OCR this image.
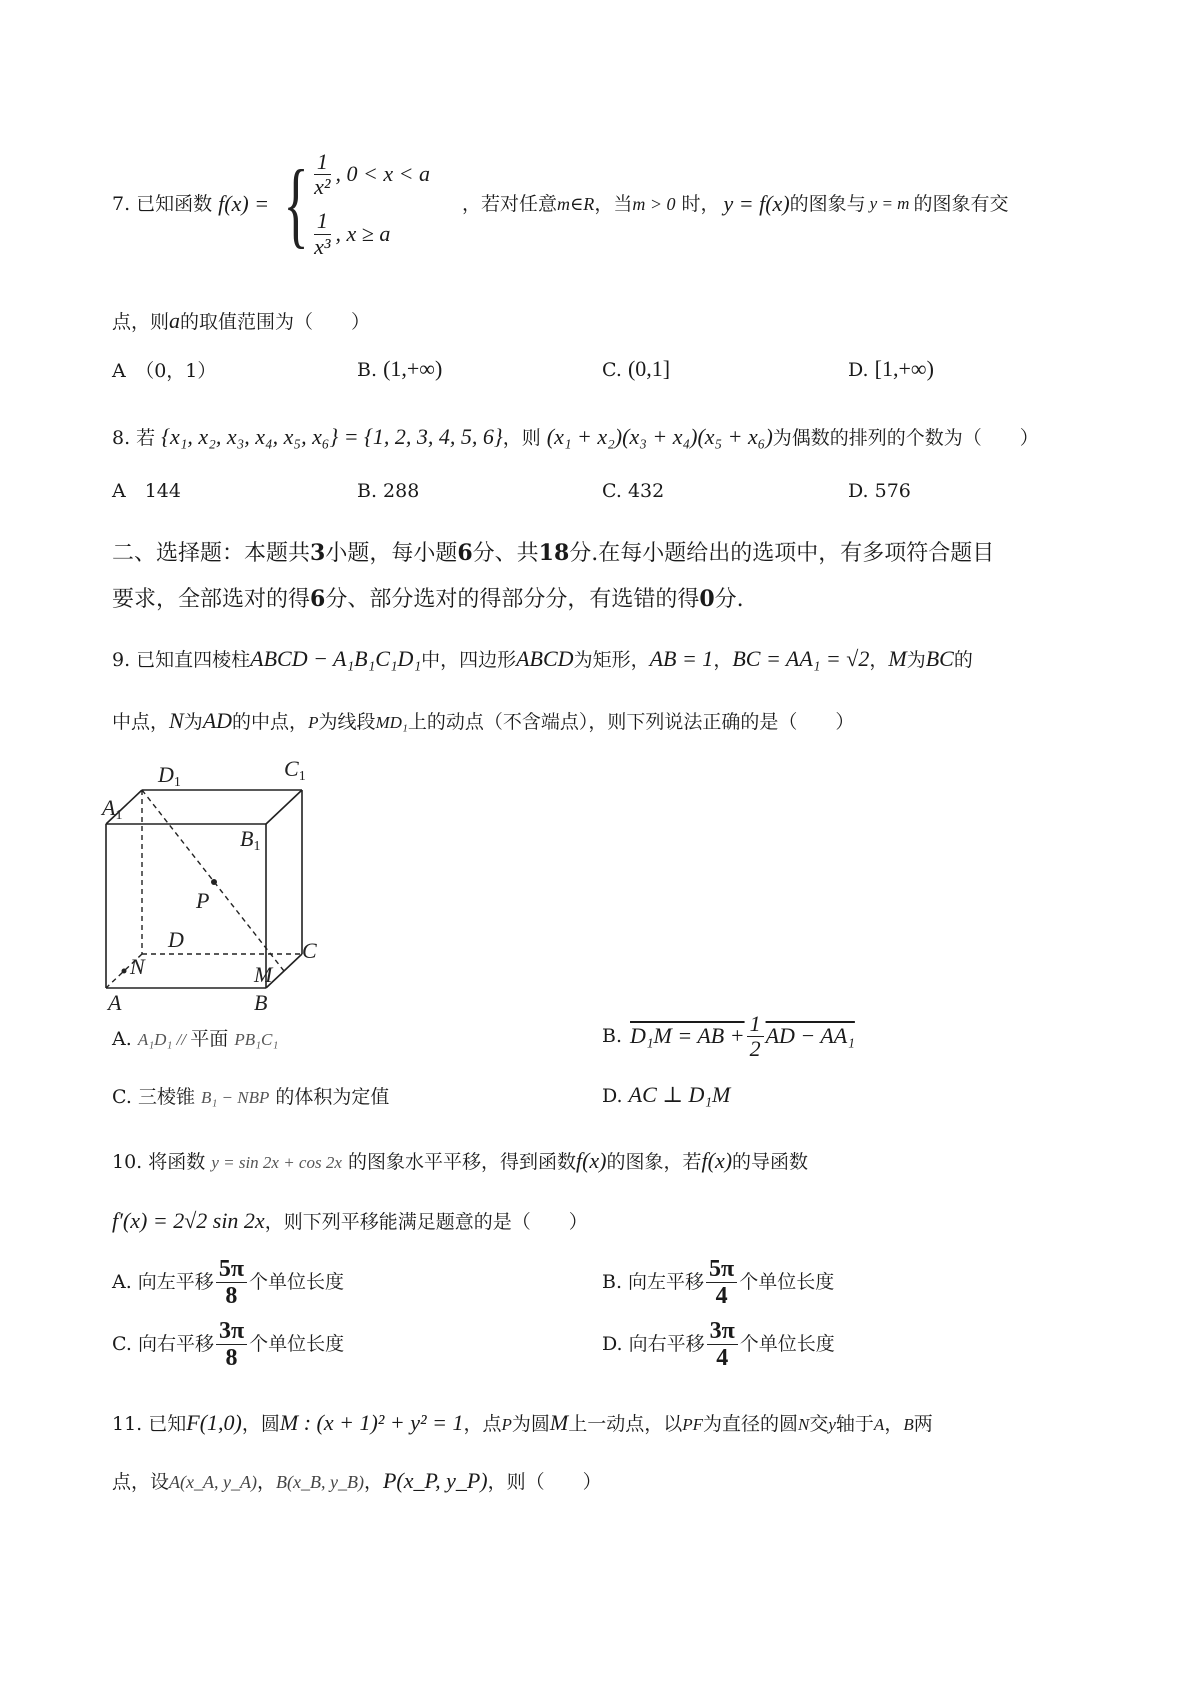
7. 已知函数 f(x) = { $\frac{1}{\text{x²}}$ , 0 < x < a
$\frac{1}{\text{x³}}$ , x ≥ a
，若对任意 m∈R ，当 m > 0 时， y = f(x) 的图象与 y = m 的图象有交
点，则a的取值范围为（　　）
A　（0，1）	B. (1,+∞)	C. (0,1]	D. [1,+∞)
8. 若 {x₁, x₂, x₃, x₄, x₅, x₆} = {1, 2, 3, 4, 5, 6}，则 (x₁ + x₂)(x₃ + x₄)(x₅ + x₆)为偶数的排列的个数为（　　）
A　144	B. 288	C. 432	D. 576
二、选择题：本题共3小题，每小题6分、共18分.在每小题给出的选项中，有多项符合题目
要求，全部选对的得6分、部分选对的得部分分，有选错的得0分.
9. 已知直四棱柱ABCD − A₁B₁C₁D₁中，四边形ABCD为矩形，AB = 1，BC = AA₁ = √2，M为BC的
中点，N为AD的中点，P为线段MD₁上的动点（不含端点），则下列说法正确的是（　　）
D1
C1
A1
B1
P
D	C
N	M
A	B
A. A₁D₁ // 平面 PB₁C₁	B. D₁M = AB + $\frac{1}{2}$ AD − AA₁
C. 三棱锥 B₁ − NBP 的体积为定值	D. AC ⊥ D₁M
10. 将函数 y = sin 2x + cos 2x 的图象水平平移，得到函数f(x)的图象，若f(x)的导函数
f′(x) = 2√2 sin 2x，则下列平移能满足题意的是（　　）
A. 向左平移 $\frac{5\pi}{8}$ 个单位长度	B. 向左平移 $\frac{5\pi}{4}$ 个单位长度
C. 向右平移 $\frac{3\pi}{8}$ 个单位长度	D. 向右平移 $\frac{3\pi}{4}$ 个单位长度
11. 已知F(1,0)，圆M : (x + 1)² + y² = 1，点P为圆M上一动点，以PF为直径的圆N交y轴于A，B两
点，设A(x_A, y_A)，B(x_B, y_B)，P(x_P, y_P)，则（　　）
